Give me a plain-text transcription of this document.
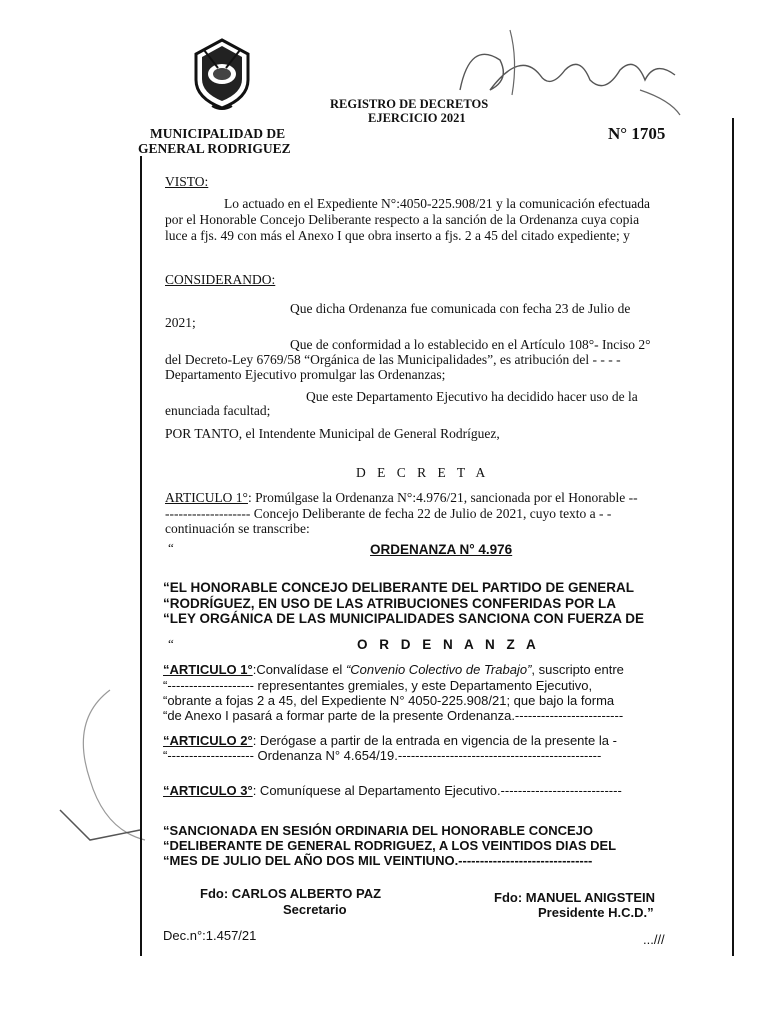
REGISTRO DE DECRETOS
EJERCICIO 2021
MUNICIPALIDAD DE
GENERAL RODRIGUEZ
N° 1705
VISTO:
Lo actuado en el Expediente N°:4050-225.908/21 y la comunicación efectuada
por el Honorable Concejo Deliberante respecto a la sanción de la Ordenanza cuya copia
luce a fjs. 49 con más el Anexo I que obra inserto a fjs. 2 a 45 del citado expediente; y
CONSIDERANDO:
Que dicha Ordenanza fue comunicada con fecha 23 de Julio de
2021;
Que de conformidad a lo establecido en el Artículo 108°- Inciso 2°
del Decreto-Ley 6769/58 “Orgánica de las Municipalidades”, es atribución del - - - -
Departamento Ejecutivo promulgar las Ordenanzas;
Que este Departamento Ejecutivo ha decidido hacer uso de la
enunciada facultad;
POR TANTO, el Intendente Municipal de General Rodríguez,
D E C R E T A
ARTICULO 1°: Promúlgase la Ordenanza N°:4.976/21, sancionada por el Honorable --
------------------- Concejo Deliberante de fecha 22 de Julio de 2021, cuyo texto a - -
continuación se transcribe:
“	ORDENANZA N° 4.976
“EL HONORABLE CONCEJO DELIBERANTE DEL PARTIDO DE GENERAL
“RODRÍGUEZ, EN USO DE LAS ATRIBUCIONES CONFERIDAS POR LA
“LEY ORGÁNICA DE LAS MUNICIPALIDADES SANCIONA CON FUERZA DE
“	O R D E N A N Z A
“ARTICULO 1°:Convalídase el “Convenio Colectivo de Trabajo”, suscripto entre
“-------------------- representantes gremiales, y este Departamento Ejecutivo,
“obrante a fojas 2 a 45, del Expediente N° 4050-225.908/21; que bajo la forma
“de Anexo I pasará a formar parte de la presente Ordenanza.-------------------------
“ARTICULO 2°: Derógase a partir de la entrada en vigencia de la presente la -
“-------------------- Ordenanza N° 4.654/19.-----------------------------------------------
“ARTICULO 3°: Comuníquese al Departamento Ejecutivo.----------------------------
“SANCIONADA EN SESIÓN ORDINARIA DEL HONORABLE CONCEJO
“DELIBERANTE DE GENERAL RODRIGUEZ, A LOS VEINTIDOS DIAS DEL
“MES DE JULIO DEL AÑO DOS MIL VEINTIUNO.-------------------------------
Fdo: CARLOS ALBERTO PAZ
Secretario
Fdo: MANUEL ANIGSTEIN
Presidente H.C.D.”
Dec.n°:1.457/21	...///
